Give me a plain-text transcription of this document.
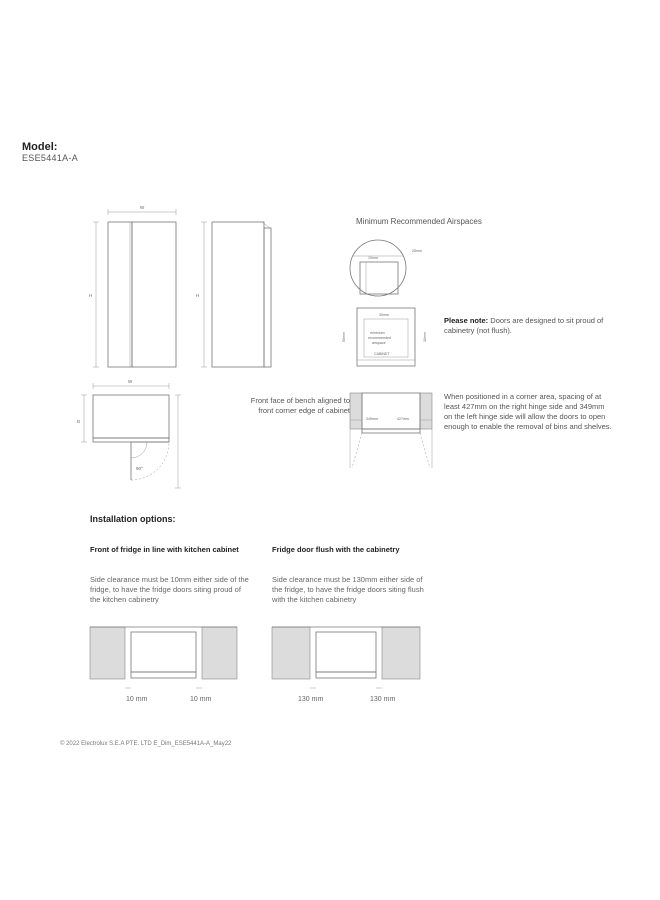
Model:
ESE5441A-A
W
H	H
W
D
90°
25mm
10mm
30mm
minimum
recommended
airspace
CABINET
50mm	10mm
349mm	427mm
Minimum Recommended Airspaces
Please note: Doors are designed to sit proud of cabinetry (not flush).
When positioned in a corner area, spacing of at least 427mm on the right hinge side and 349mm on the left hinge side will allow the doors to open enough to enable the removal of bins and shelves.
Front face of bench aligned to front corner edge of cabinet
Installation options:
Front of fridge in line with kitchen cabinet
Side clearance must be 10mm either side of the fridge, to have the fridge doors siting proud of the kitchen cabinetry
Fridge door flush with the cabinetry
Side clearance must be 130mm either side of the fridge, to have the fridge doors siting flush with the kitchen cabinetry
10 mm	10 mm	130 mm	130 mm
© 2022 Electrolux S.E.A PTE. LTD E_Dim_ESE5441A-A_May22
